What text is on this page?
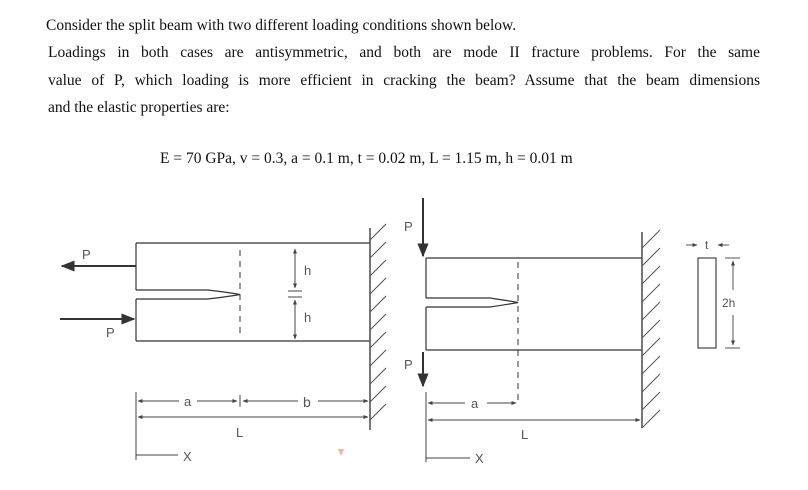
Consider the split beam with two different loading conditions shown below.
Loadings in both cases are antisymmetric, and both are mode II fracture problems. For the same
value of P, which loading is more efficient in cracking the beam? Assume that the beam dimensions
and the elastic properties are:
E = 70 GPa, v = 0.3, a = 0.1 m, t = 0.02 m, L = 1.15 m, h = 0.01 m
P
P
h
h
a	b
L
X
P
P
a
L
X
t
2h
